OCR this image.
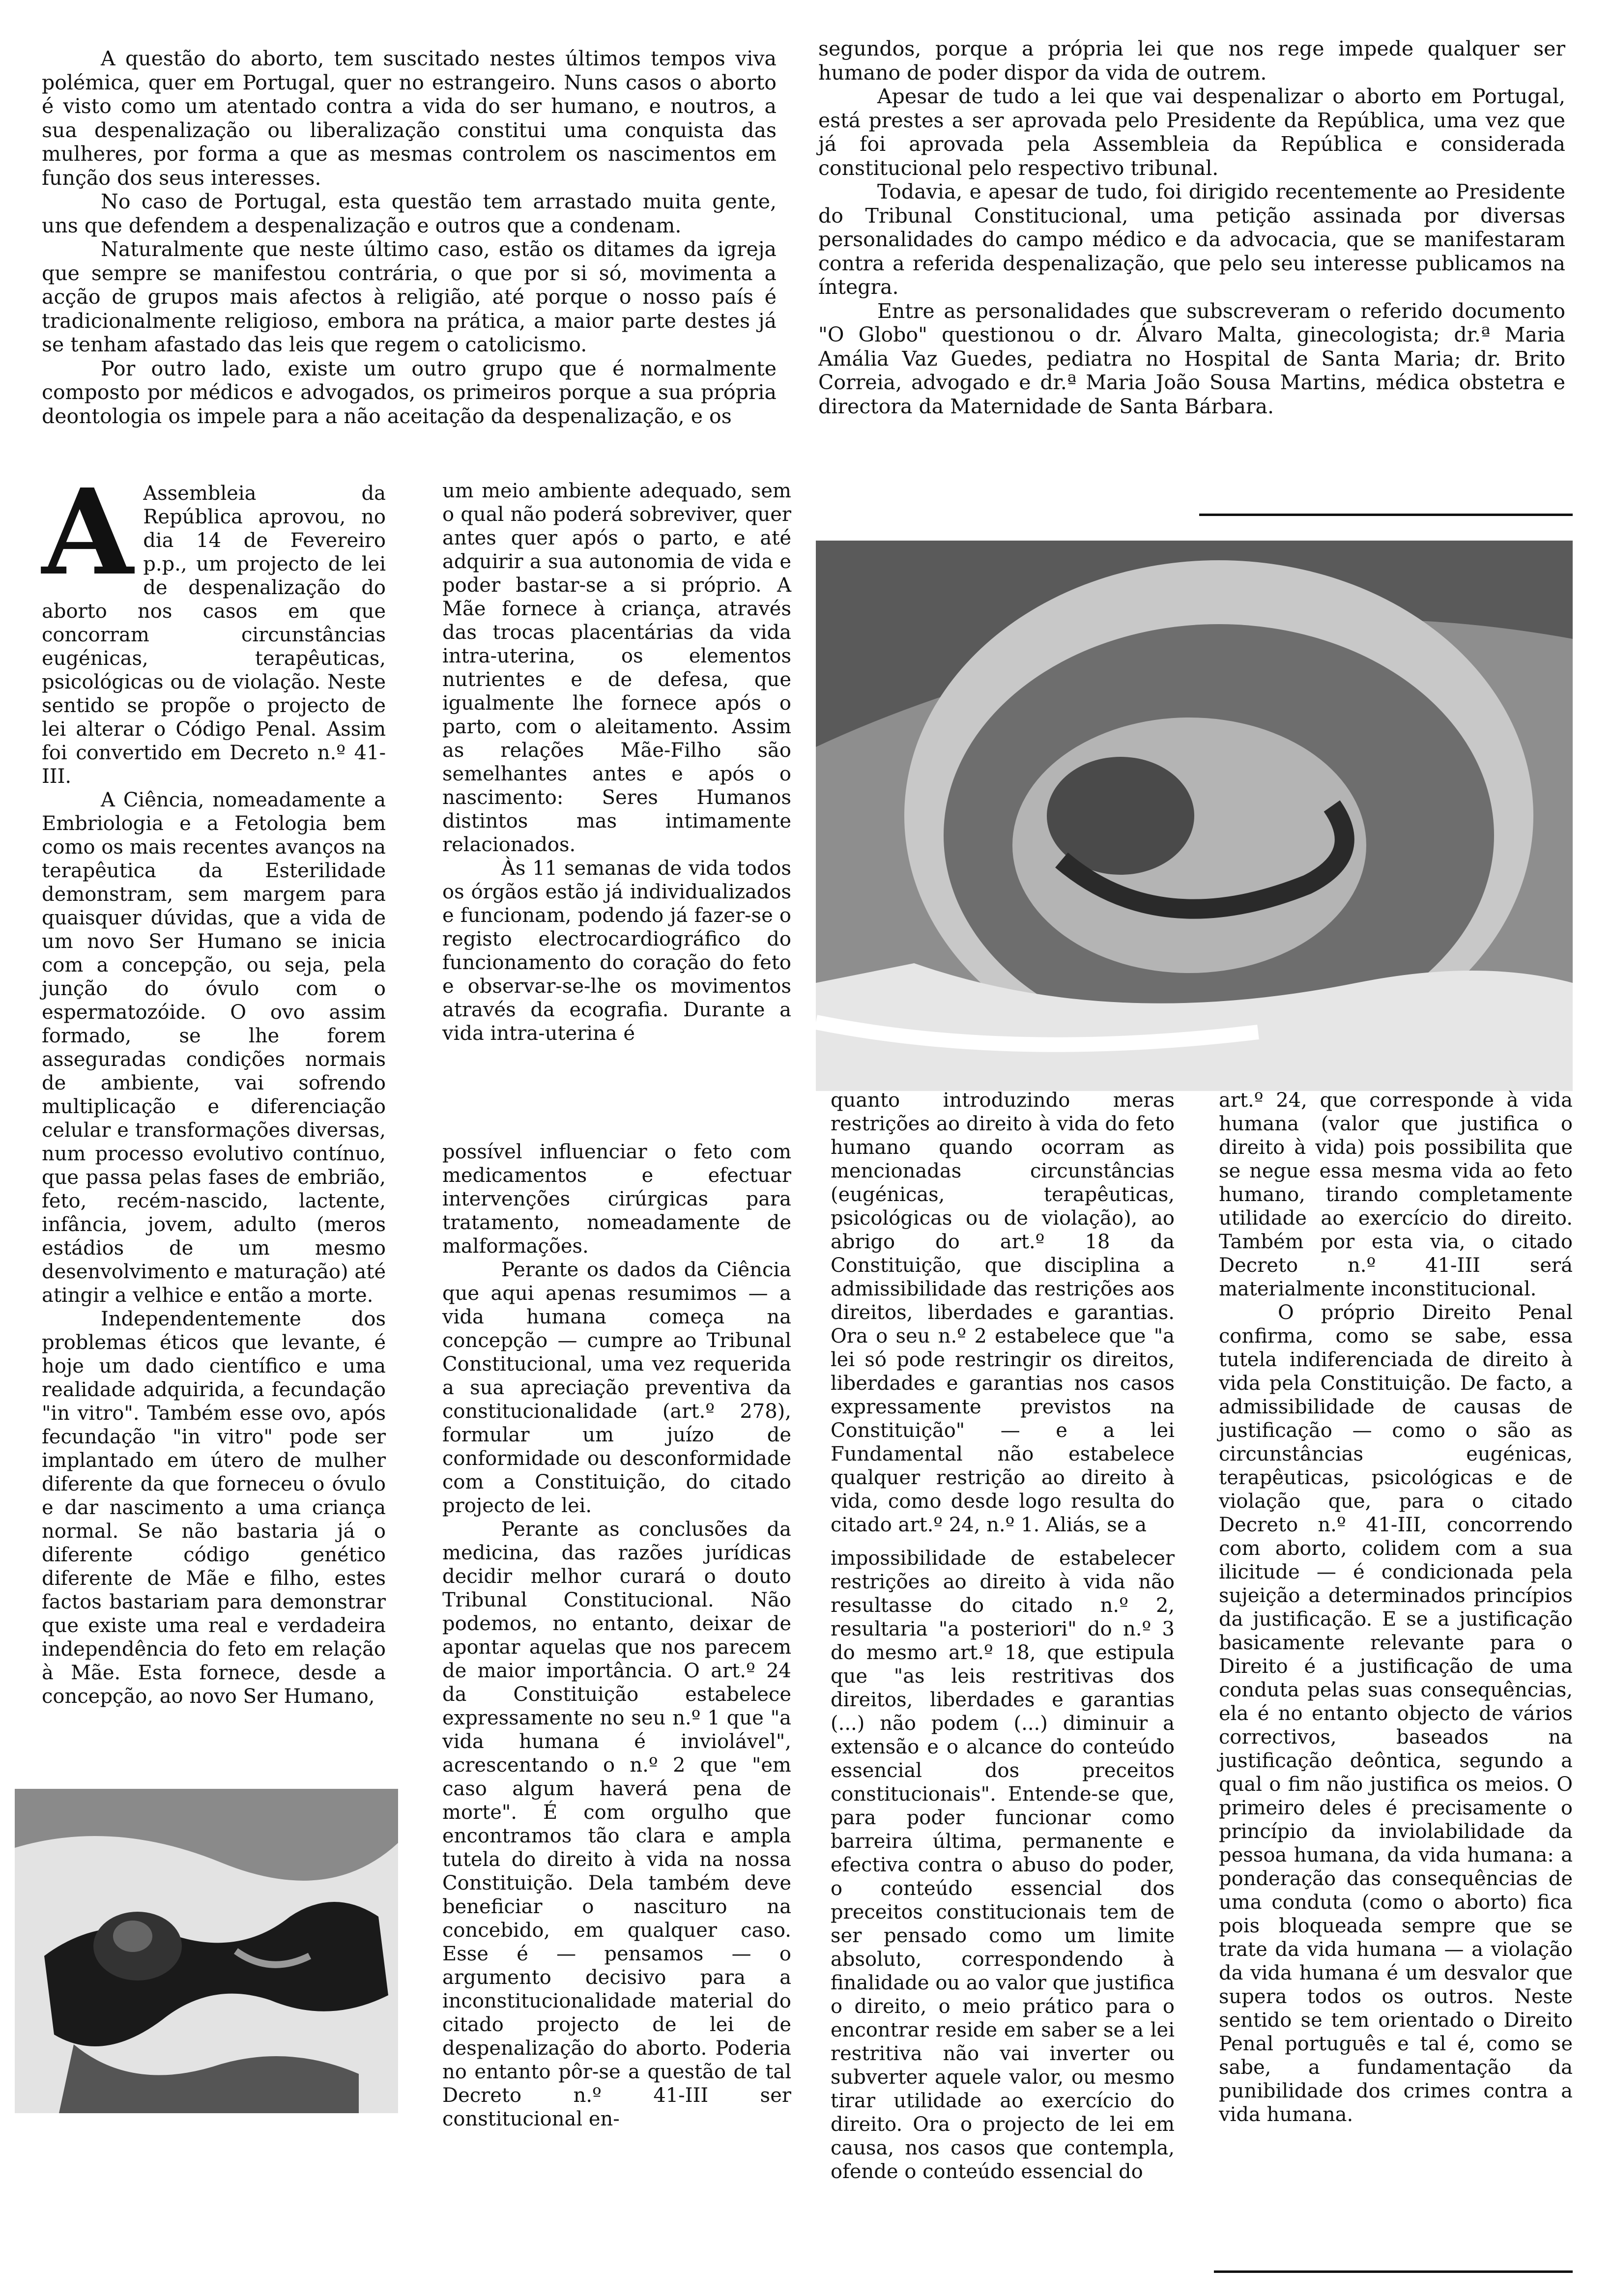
A questão do aborto, tem suscitado nestes últimos tempos viva polémica, quer em Portugal, quer no estrangeiro. Nuns casos o aborto é visto como um atentado contra a vida do ser humano, e noutros, a sua despenalização ou liberalização constitui uma conquista das mulheres, por forma a que as mesmas controlem os nascimentos em função dos seus interesses.

No caso de Portugal, esta questão tem arrastado muita gente, uns que defendem a despenalização e outros que a condenam.

Naturalmente que neste último caso, estão os ditames da igreja que sempre se manifestou contrária, o que por si só, movimenta a acção de grupos mais afectos à religião, até porque o nosso país é tradicionalmente religioso, embora na prática, a maior parte destes já se tenham afastado das leis que regem o catolicismo.

Por outro lado, existe um outro grupo que é normalmente composto por médicos e advogados, os primeiros porque a sua própria deontologia os impele para a não aceitação da despenalização, e os

segundos, porque a própria lei que nos rege impede qualquer ser humano de poder dispor da vida de outrem.

Apesar de tudo a lei que vai despenalizar o aborto em Portugal, está prestes a ser aprovada pelo Presidente da República, uma vez que já foi aprovada pela Assembleia da República e considerada constitucional pelo respectivo tribunal.

Todavia, e apesar de tudo, foi dirigido recentemente ao Presidente do Tribunal Constitucional, uma petição assinada por diversas personalidades do campo médico e da advocacia, que se manifestaram contra a referida despenalização, que pelo seu interesse publicamos na íntegra.

Entre as personalidades que subscreveram o referido documento "O Globo" questionou o dr. Álvaro Malta, ginecologista; dr.ª Maria Amália Vaz Guedes, pediatra no Hospital de Santa Maria; dr. Brito Correia, advogado e dr.ª Maria João Sousa Martins, médica obstetra e directora da Maternidade de Santa Bárbara.

A Assembleia da República aprovou, no dia 14 de Fevereiro p.p., um projecto de lei de despenalização do aborto nos casos em que concorram circunstâncias eugénicas, terapêuticas, psicológicas ou de violação. Neste sentido se propõe o projecto de lei alterar o Código Penal. Assim foi convertido em Decreto n.º 41-III.

A Ciência, nomeadamente a Embriologia e a Fetologia bem como os mais recentes avanços na terapêutica da Esterilidade demonstram, sem margem para quaisquer dúvidas, que a vida de um novo Ser Humano se inicia com a concepção, ou seja, pela junção do óvulo com o espermatozóide. O ovo assim formado, se lhe forem asseguradas condições normais de ambiente, vai sofrendo multiplicação e diferenciação celular e transformações diversas, num processo evolutivo contínuo, que passa pelas fases de embrião, feto, recém-nascido, lactente, infância, jovem, adulto (meros estádios de um mesmo desenvolvimento e maturação) até atingir a velhice e então a morte.

Independentemente dos problemas éticos que levante, é hoje um dado científico e uma realidade adquirida, a fecundação "in vitro". Também esse ovo, após fecundação "in vitro" pode ser implantado em útero de mulher diferente da que forneceu o óvulo e dar nascimento a uma criança normal. Se não bastaria já o diferente código genético diferente de Mãe e filho, estes factos bastariam para demonstrar que existe uma real e verdadeira independência do feto em relação à Mãe. Esta fornece, desde a concepção, ao novo Ser Humano,

um meio ambiente adequado, sem o qual não poderá sobreviver, quer antes quer após o parto, e até adquirir a sua autonomia de vida e poder bastar-se a si próprio. A Mãe fornece à criança, através das trocas placentárias da vida intra-uterina, os elementos nutrientes e de defesa, que igualmente lhe fornece após o parto, com o aleitamento. Assim as relações Mãe-Filho são semelhantes antes e após o nascimento: Seres Humanos distintos mas intimamente relacionados.

Às 11 semanas de vida todos os órgãos estão já individualizados e funcionam, podendo já fazer-se o registo electrocardiográfico do funcionamento do coração do feto e observar-se-lhe os movimentos através da ecografia. Durante a vida intra-uterina é

possível influenciar o feto com medicamentos e efectuar intervenções cirúrgicas para tratamento, nomeadamente de malformações.

Perante os dados da Ciência que aqui apenas resumimos — a vida humana começa na concepção — cumpre ao Tribunal Constitucional, uma vez requerida a sua apreciação preventiva da constitucionalidade (art.º 278), formular um juízo de conformidade ou desconformidade com a Constituição, do citado projecto de lei.

Perante as conclusões da medicina, das razões jurídicas decidir melhor curará o douto Tribunal Constitucional. Não podemos, no entanto, deixar de apontar aquelas que nos parecem de maior importância. O art.º 24 da Constituição estabelece expressamente no seu n.º 1 que "a vida humana é inviolável", acrescentando o n.º 2 que "em caso algum haverá pena de morte". É com orgulho que encontramos tão clara e ampla tutela do direito à vida na nossa Constituição. Dela também deve beneficiar o nascituro na concebido, em qualquer caso. Esse é — pensamos — o argumento decisivo para a inconstitucionalidade material do citado projecto de lei de despenalização do aborto. Poderia no entanto pôr-se a questão de tal Decreto n.º 41-III ser constitucional en-

quanto introduzindo meras restrições ao direito à vida do feto humano quando ocorram as mencionadas circunstâncias (eugénicas, terapêuticas, psicológicas ou de violação), ao abrigo do art.º 18 da Constituição, que disciplina a admissibilidade das restrições aos direitos, liberdades e garantias. Ora o seu n.º 2 estabelece que "a lei só pode restringir os direitos, liberdades e garantias nos casos expressamente previstos na Constituição" — e a lei Fundamental não estabelece qualquer restrição ao direito à vida, como desde logo resulta do citado art.º 24, n.º 1. Aliás, se a

impossibilidade de estabelecer restrições ao direito à vida não resultasse do citado n.º 2, resultaria "a posteriori" do n.º 3 do mesmo art.º 18, que estipula que "as leis restritivas dos direitos, liberdades e garantias (...) não podem (...) diminuir a extensão e o alcance do conteúdo essencial dos preceitos constitucionais". Entende-se que, para poder funcionar como barreira última, permanente e efectiva contra o abuso do poder, o conteúdo essencial dos preceitos constitucionais tem de ser pensado como um limite absoluto, correspondendo à finalidade ou ao valor que justifica o direito, o meio prático para o encontrar reside em saber se a lei restritiva não vai inverter ou subverter aquele valor, ou mesmo tirar utilidade ao exercício do direito. Ora o projecto de lei em causa, nos casos que contempla, ofende o conteúdo essencial do

art.º 24, que corresponde à vida humana (valor que justifica o direito à vida) pois possibilita que se negue essa mesma vida ao feto humano, tirando completamente utilidade ao exercício do direito. Também por esta via, o citado Decreto n.º 41-III será materialmente inconstitucional.

O próprio Direito Penal confirma, como se sabe, essa tutela indiferenciada de direito à vida pela Constituição. De facto, a admissibilidade de causas de justificação — como o são as circunstâncias eugénicas, terapêuticas, psicológicas e de violação que, para o citado Decreto n.º 41-III, concorrendo com aborto, colidem com a sua ilicitude — é condicionada pela sujeição a determinados princípios da justificação. E se a justificação basicamente relevante para o Direito é a justificação de uma conduta pelas suas consequências, ela é no entanto objecto de vários correctivos, baseados na justificação deôntica, segundo a qual o fim não justifica os meios. O primeiro deles é precisamente o princípio da inviolabilidade da pessoa humana, da vida humana: a ponderação das consequências de uma conduta (como o aborto) fica pois bloqueada sempre que se trate da vida humana — a violação da vida humana é um desvalor que supera todos os outros. Neste sentido se tem orientado o Direito Penal português e tal é, como se sabe, a fundamentação da punibilidade dos crimes contra a vida humana.
